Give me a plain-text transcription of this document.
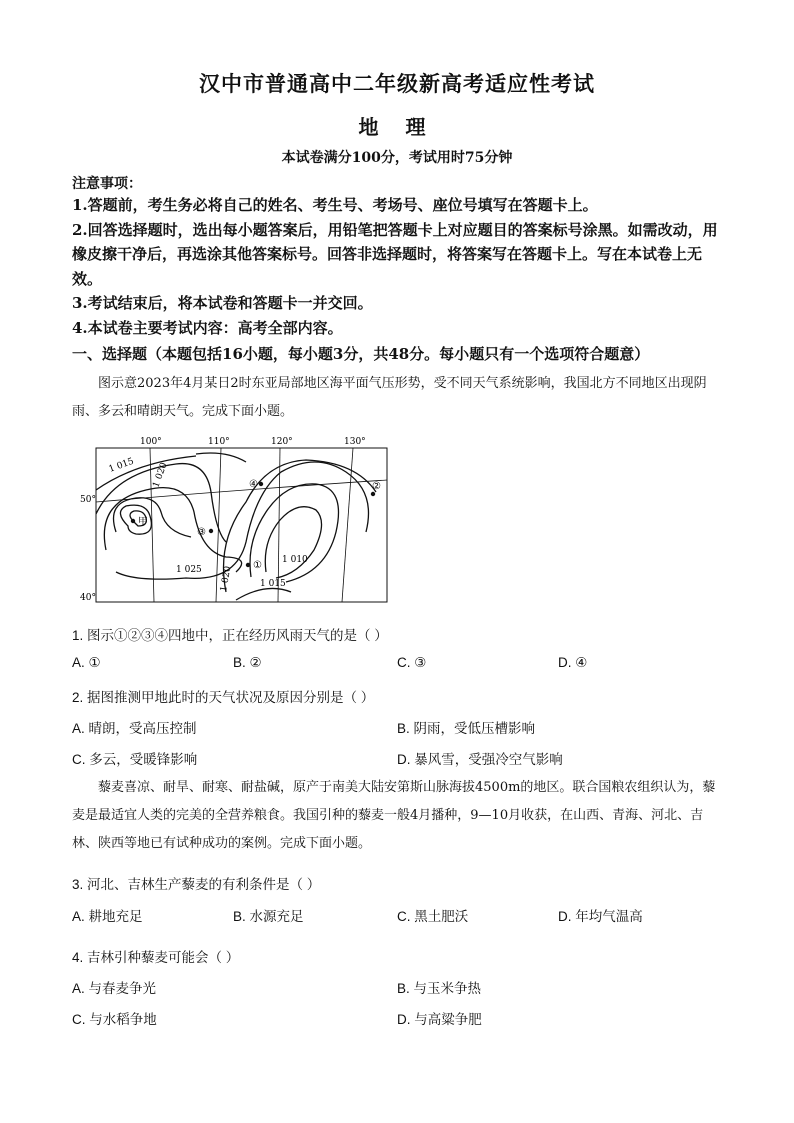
汉中市普通高中二年级新高考适应性考试
地 理
本试卷满分100分，考试用时75分钟
注意事项：

1.答题前，考生务必将自己的姓名、考生号、考场号、座位号填写在答题卡上。

2.回答选择题时，选出每小题答案后，用铅笔把答题卡上对应题目的答案标号涂黑。如需改动，用橡皮擦干净后，再选涂其他答案标号。回答非选择题时，将答案写在答题卡上。写在本试卷上无效。

3.考试结束后，将本试卷和答题卡一并交回。

4.本试卷主要考试内容：高考全部内容。

一、选择题（本题包括16小题，每小题3分，共48分。每小题只有一个选项符合题意）
图示意2023年4月某日2时东亚局部地区海平面气压形势，受不同天气系统影响，我国北方不同地区出现阴雨、多云和晴朗天气。完成下面小题。
100°	110°	120°	130°
50°
40°
1 015 1 020
1 025 1 020	1 015
1 010
①
②
③
④
甲
1. 图示①②③④四地中，正在经历风雨天气的是（ ）
A. ①	B. ②	C. ③	D. ④
2. 据图推测甲地此时的天气状况及原因分别是（ ）
A. 晴朗，受高压控制	B. 阴雨，受低压槽影响
C. 多云，受暖锋影响	D. 暴风雪，受强冷空气影响
藜麦喜凉、耐旱、耐寒、耐盐碱，原产于南美大陆安第斯山脉海拔4500m的地区。联合国粮农组织认为，藜麦是最适宜人类的完美的全营养粮食。我国引种的藜麦一般4月播种，9—10月收获，在山西、青海、河北、吉林、陕西等地已有试种成功的案例。完成下面小题。
3. 河北、吉林生产藜麦的有利条件是（ ）
A. 耕地充足	B. 水源充足	C. 黑土肥沃	D. 年均气温高
4. 吉林引种藜麦可能会（ ）
A. 与春麦争光	B. 与玉米争热
C. 与水稻争地	D. 与高粱争肥
